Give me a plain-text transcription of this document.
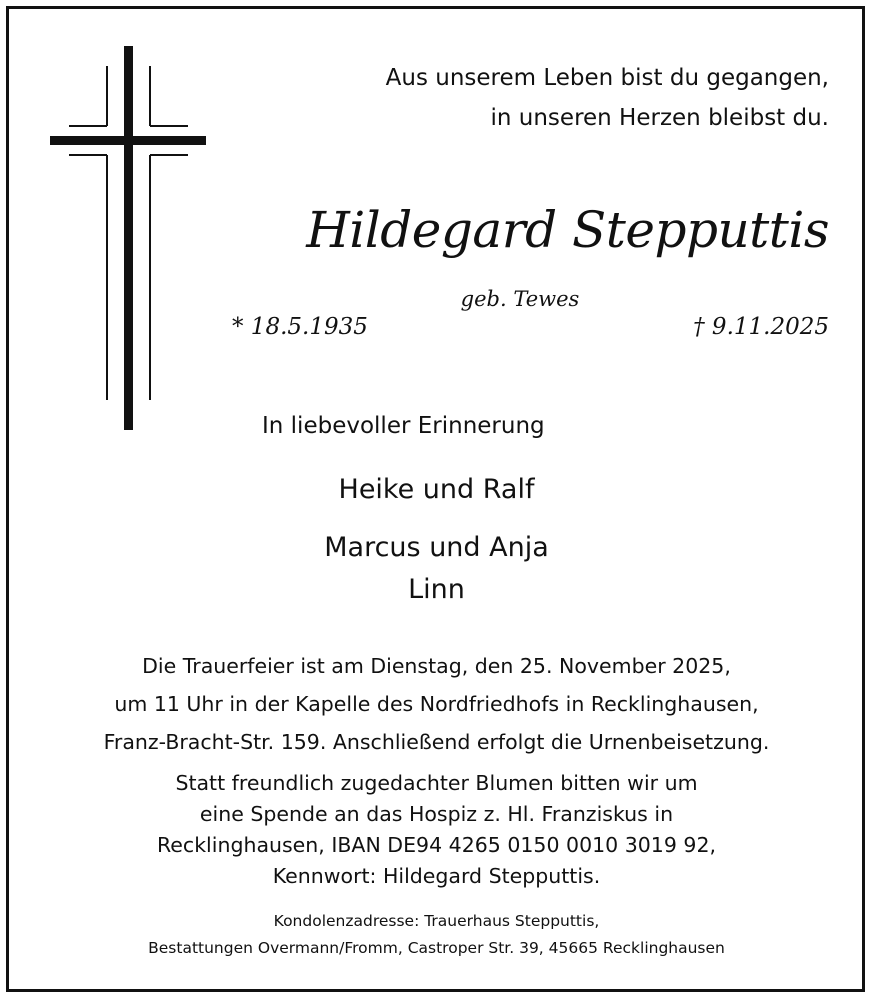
Aus unserem Leben bist du gegangen,
in unseren Herzen bleibst du.
Hildegard Stepputtis
geb. Tewes
* 18.5.1935	† 9.11.2025
In liebevoller Erinnerung
Heike und Ralf
Marcus und Anja
Linn
Die Trauerfeier ist am Dienstag, den 25. November 2025,
um 11 Uhr in der Kapelle des Nordfriedhofs in Recklinghausen,
Franz-Bracht-Str. 159. Anschließend erfolgt die Urnenbeisetzung.
Statt freundlich zugedachter Blumen bitten wir um
eine Spende an das Hospiz z. Hl. Franziskus in
Recklinghausen, IBAN DE94 4265 0150 0010 3019 92,
Kennwort: Hildegard Stepputtis.
Kondolenzadresse: Trauerhaus Stepputtis,
Bestattungen Overmann/Fromm, Castroper Str. 39, 45665 Recklinghausen
